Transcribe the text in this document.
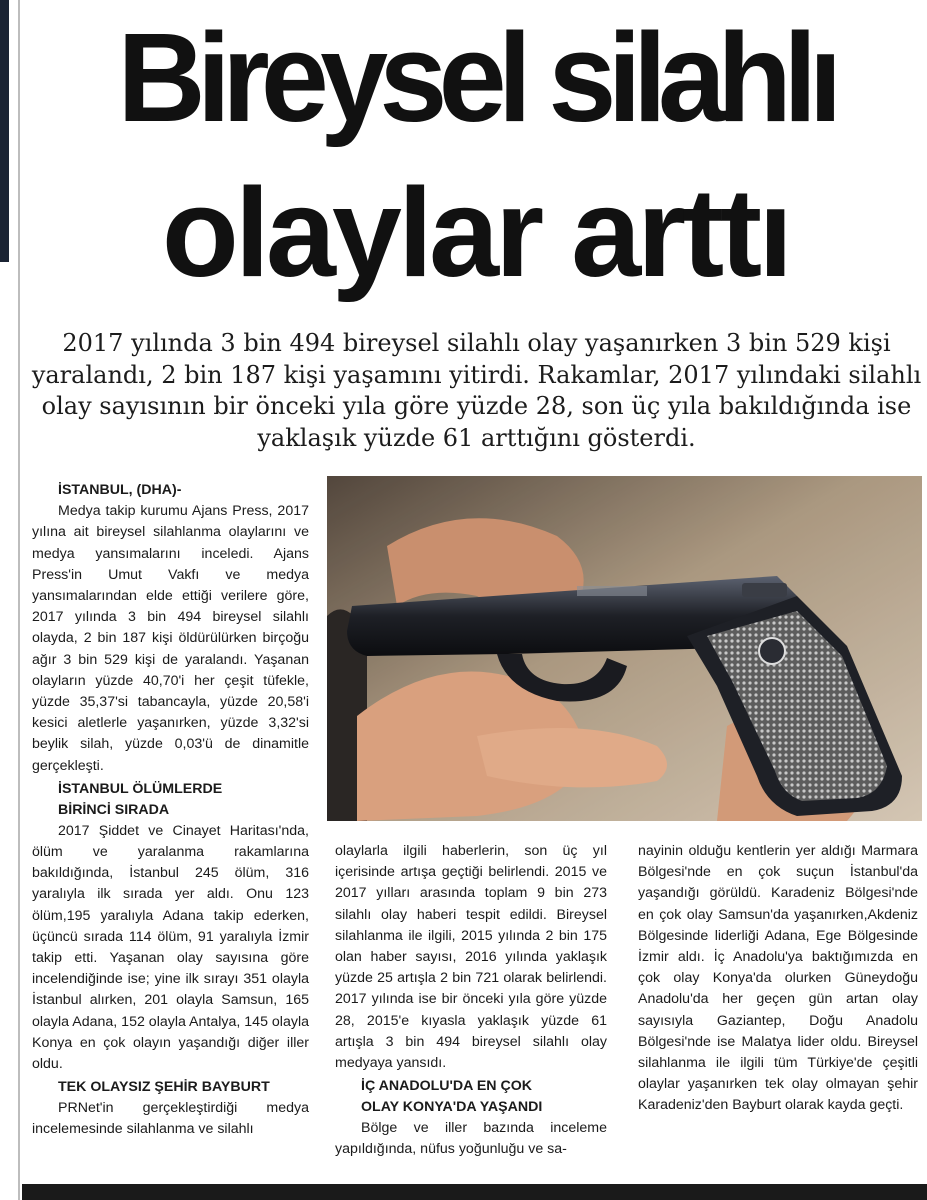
Bireysel silahlı
olaylar arttı

2017 yılında 3 bin 494 bireysel silahlı olay yaşanırken 3 bin 529 kişi yaralandı, 2 bin 187 kişi yaşamını yitirdi. Rakamlar, 2017 yılındaki silahlı olay sayısının bir önceki yıla göre yüzde 28, son üç yıla bakıldığında ise yaklaşık yüzde 61 arttığını gösterdi.

İSTANBUL, (DHA)-

Medya takip kurumu Ajans Press, 2017 yılına ait bireysel silahlanma olaylarını ve medya yansımalarını inceledi. Ajans Press'in Umut Vakfı ve medya yansımalarından elde ettiği verilere göre, 2017 yılında 3 bin 494 bireysel silahlı olayda, 2 bin 187 kişi öldürülürken birçoğu ağır 3 bin 529 kişi de yaralandı. Yaşanan olayların yüzde 40,70'i her çeşit tüfekle, yüzde 35,37'si tabancayla, yüzde 20,58'i kesici aletlerle yaşanırken, yüzde 3,32'si beylik silah, yüzde 0,03'ü de dinamitle gerçekleşti.

İSTANBUL ÖLÜMLERDE
BİRİNCİ SIRADA

2017 Şiddet ve Cinayet Haritası'nda, ölüm ve yaralanma rakamlarına bakıldığında, İstanbul 245 ölüm, 316 yaralıyla ilk sırada yer aldı. Onu 123 ölüm,195 yaralıyla Adana takip ederken, üçüncü sırada 114 ölüm, 91 yaralıyla İzmir takip etti. Yaşanan olay sayısına göre incelendiğinde ise; yine ilk sırayı 351 olayla İstanbul alırken, 201 olayla Samsun, 165 olayla Adana, 152 olayla Antalya, 145 olayla Konya en çok olayın yaşandığı diğer iller oldu.

TEK OLAYSIZ ŞEHİR BAYBURT

PRNet'in gerçekleştirdiği medya incelemesinde silahlanma ve silahlı

olaylarla ilgili haberlerin, son üç yıl içerisinde artışa geçtiği belirlendi. 2015 ve 2017 yılları arasında toplam 9 bin 273 silahlı olay haberi tespit edildi. Bireysel silahlanma ile ilgili, 2015 yılında 2 bin 175 olan haber sayısı, 2016 yılında yaklaşık yüzde 25 artışla 2 bin 721 olarak belirlendi. 2017 yılında ise bir önceki yıla göre yüzde 28, 2015'e kıyasla yaklaşık yüzde 61 artışla 3 bin 494 bireysel silahlı olay medyaya yansıdı.

İÇ ANADOLU'DA EN ÇOK
OLAY KONYA'DA YAŞANDI

Bölge ve iller bazında inceleme yapıldığında, nüfus yoğunluğu ve sa-

nayinin olduğu kentlerin yer aldığı Marmara Bölgesi'nde en çok suçun İstanbul'da yaşandığı görüldü. Karadeniz Bölgesi'nde en çok olay Samsun'da yaşanırken,Akdeniz Bölgesinde liderliği Adana, Ege Bölgesinde İzmir aldı. İç Anadolu'ya baktığımızda en çok olay Konya'da olurken Güneydoğu Anadolu'da her geçen gün artan olay sayısıyla Gaziantep, Doğu Anadolu Bölgesi'nde ise Malatya lider oldu. Bireysel silahlanma ile ilgili tüm Türkiye'de çeşitli olaylar yaşanırken tek olay olmayan şehir Karadeniz'den Bayburt olarak kayda geçti.
